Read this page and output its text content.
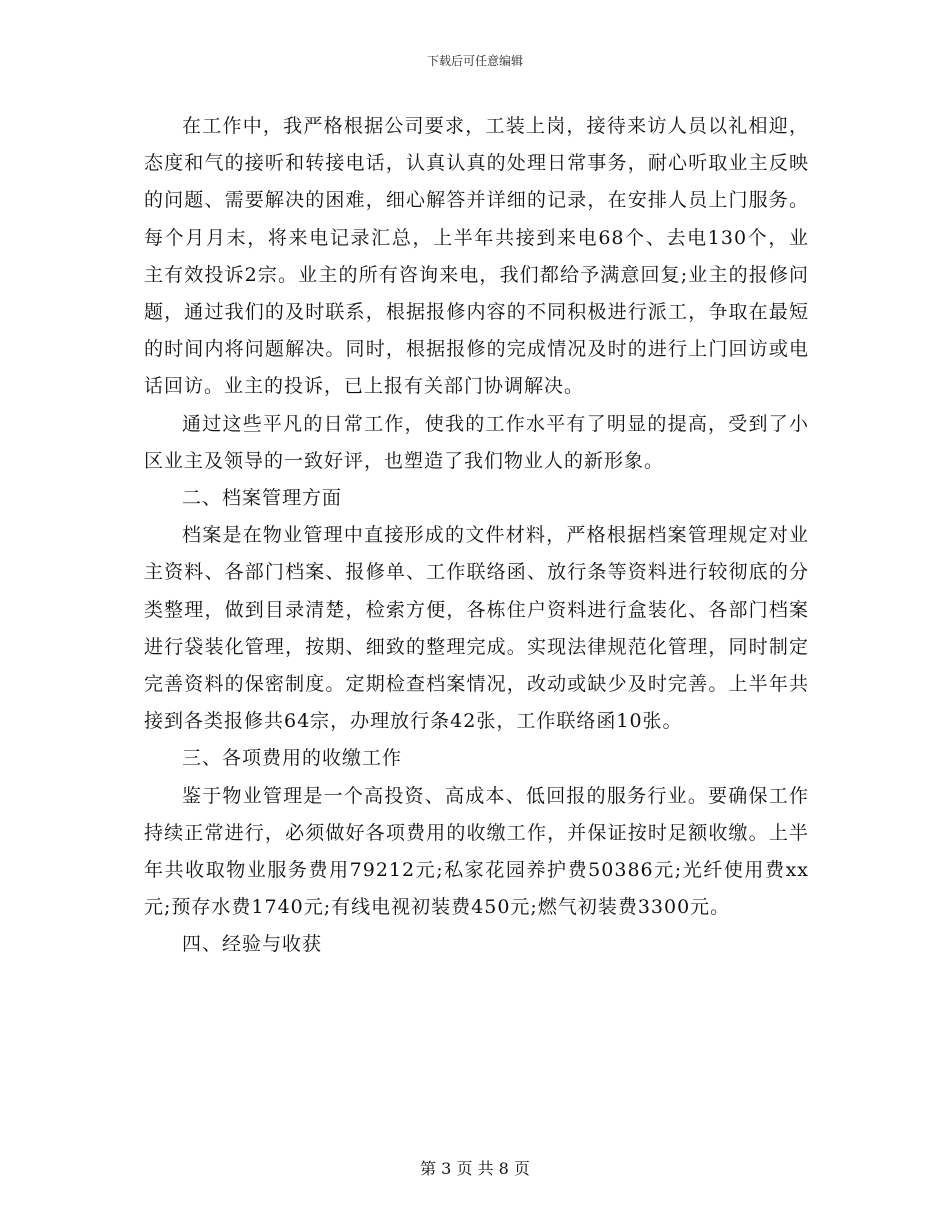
下载后可任意编辑

在工作中，我严格根据公司要求，工装上岗，接待来访人员以礼相迎，态度和气的接听和转接电话，认真认真的处理日常事务，耐心听取业主反映的问题、需要解决的困难，细心解答并详细的记录，在安排人员上门服务。每个月月末，将来电记录汇总，上半年共接到来电68个、去电130个，业主有效投诉2宗。业主的所有咨询来电，我们都给予满意回复;业主的报修问题，通过我们的及时联系，根据报修内容的不同积极进行派工，争取在最短的时间内将问题解决。同时，根据报修的完成情况及时的进行上门回访或电话回访。业主的投诉，已上报有关部门协调解决。

通过这些平凡的日常工作，使我的工作水平有了明显的提高，受到了小区业主及领导的一致好评，也塑造了我们物业人的新形象。

二、档案管理方面

档案是在物业管理中直接形成的文件材料，严格根据档案管理规定对业主资料、各部门档案、报修单、工作联络函、放行条等资料进行较彻底的分类整理，做到目录清楚，检索方便，各栋住户资料进行盒装化、各部门档案进行袋装化管理，按期、细致的整理完成。实现法律规范化管理，同时制定完善资料的保密制度。定期检查档案情况，改动或缺少及时完善。上半年共接到各类报修共64宗，办理放行条42张，工作联络函10张。

三、各项费用的收缴工作

鉴于物业管理是一个高投资、高成本、低回报的服务行业。要确保工作持续正常进行，必须做好各项费用的收缴工作，并保证按时足额收缴。上半年共收取物业服务费用79212元;私家花园养护费50386元;光纤使用费xx元;预存水费1740元;有线电视初装费450元;燃气初装费3300元。

四、经验与收获

第 3 页 共 8 页
